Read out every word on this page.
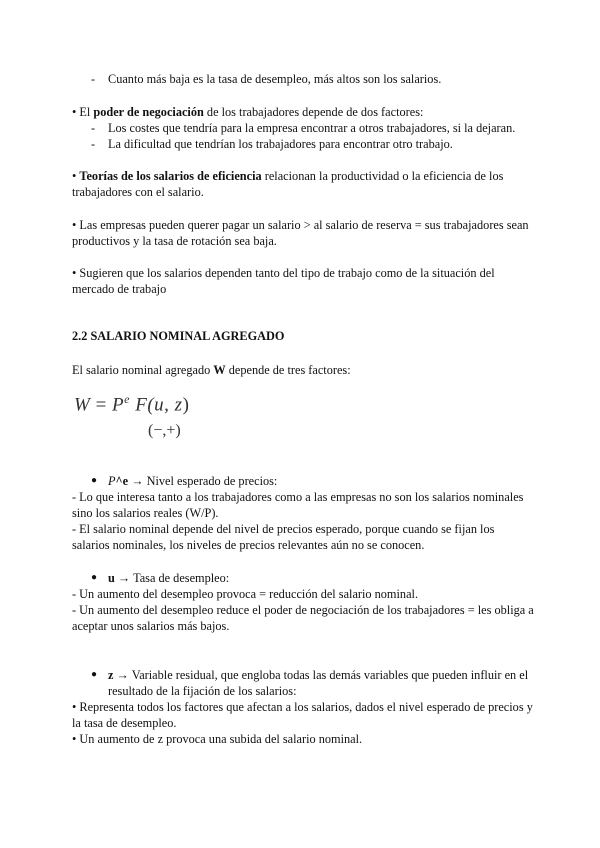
- Cuanto más baja es la tasa de desempleo, más altos son los salarios.
• El poder de negociación de los trabajadores depende de dos factores:
- Los costes que tendría para la empresa encontrar a otros trabajadores, si la dejaran.
- La dificultad que tendrían los trabajadores para encontrar otro trabajo.
• Teorías de los salarios de eficiencia relacionan la productividad o la eficiencia de los
trabajadores con el salario.
• Las empresas pueden querer pagar un salario > al salario de reserva = sus trabajadores sean
productivos y la tasa de rotación sea baja.
• Sugieren que los salarios dependen tanto del tipo de trabajo como de la situación del
mercado de trabajo
2.2 SALARIO NOMINAL AGREGADO
El salario nominal agregado W depende de tres factores:
$W = P^e$ F(u, z)
(−,+)
● P^e → Nivel esperado de precios:
- Lo que interesa tanto a los trabajadores como a las empresas no son los salarios nominales
sino los salarios reales (W/P).
- El salario nominal depende del nivel de precios esperado, porque cuando se fijan los
salarios nominales, los niveles de precios relevantes aún no se conocen.
● u → Tasa de desempleo:
- Un aumento del desempleo provoca = reducción del salario nominal.
- Un aumento del desempleo reduce el poder de negociación de los trabajadores = les obliga a
aceptar unos salarios más bajos.
● z → Variable residual, que engloba todas las demás variables que pueden influir en el
resultado de la fijación de los salarios:
• Representa todos los factores que afectan a los salarios, dados el nivel esperado de precios y
la tasa de desempleo.
• Un aumento de z provoca una subida del salario nominal.
